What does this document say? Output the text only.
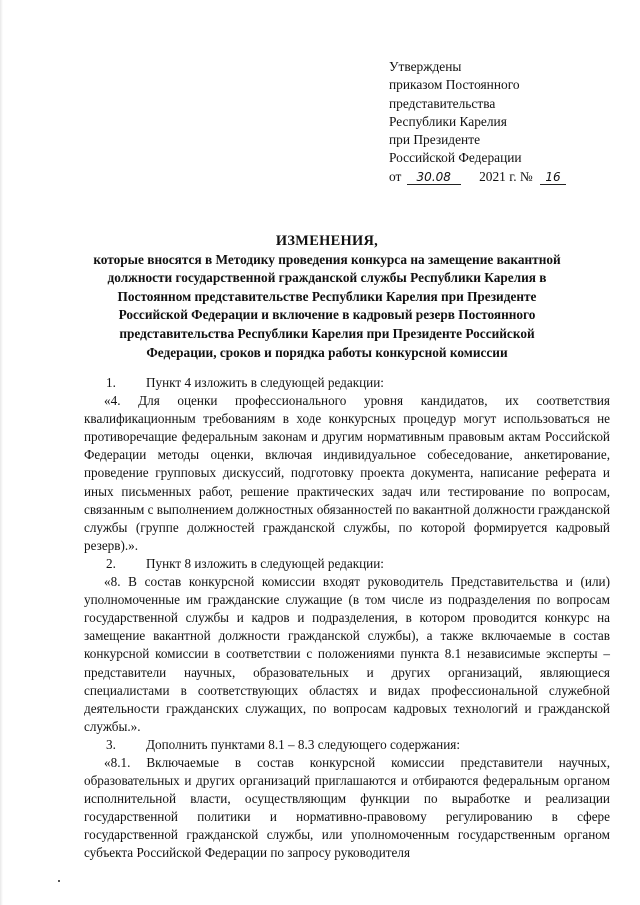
Утверждены
приказом Постоянного
представительства
Республики Карелия
при Президенте
Российской Федерации
от 30.08 2021 г. № 16
ИЗМЕНЕНИЯ,
которые вносятся в Методику проведения конкурса на замещение вакантной
должности государственной гражданской службы Республики Карелия в
Постоянном представительстве Республики Карелия при Президенте
Российской Федерации и включение в кадровый резерв Постоянного
представительства Республики Карелия при Президенте Российской
Федерации, сроков и порядка работы конкурсной комиссии

1.	Пункт 4 изложить в следующей редакции:

«4. Для оценки профессионального уровня кандидатов, их соответствия квалификационным требованиям в ходе конкурсных процедур могут использоваться не противоречащие федеральным законам и другим нормативным правовым актам Российской Федерации методы оценки, включая индивидуальное собеседование, анкетирование, проведение групповых дискуссий, подготовку проекта документа, написание реферата и иных письменных работ, решение практических задач или тестирование по вопросам, связанным с выполнением должностных обязанностей по вакантной должности гражданской службы (группе должностей гражданской службы, по которой формируется кадровый резерв).».

2.	Пункт 8 изложить в следующей редакции:

«8. В состав конкурсной комиссии входят руководитель Представительства и (или) уполномоченные им гражданские служащие (в том числе из подразделения по вопросам государственной службы и кадров и подразделения, в котором проводится конкурс на замещение вакантной должности гражданской службы), а также включаемые в состав конкурсной комиссии в соответствии с положениями пункта 8.1 независимые эксперты – представители научных, образовательных и других организаций, являющиеся специалистами в соответствующих областях и видах профессиональной служебной деятельности гражданских служащих, по вопросам кадровых технологий и гражданской службы.».

3.	Дополнить пунктами 8.1 – 8.3 следующего содержания:

«8.1. Включаемые в состав конкурсной комиссии представители научных, образовательных и других организаций приглашаются и отбираются федеральным органом исполнительной власти, осуществляющим функции по выработке и реализации государственной политики и нормативно-правовому регулированию в сфере государственной гражданской службы, или уполномоченным государственным органом субъекта Российской Федерации по запросу руководителя
